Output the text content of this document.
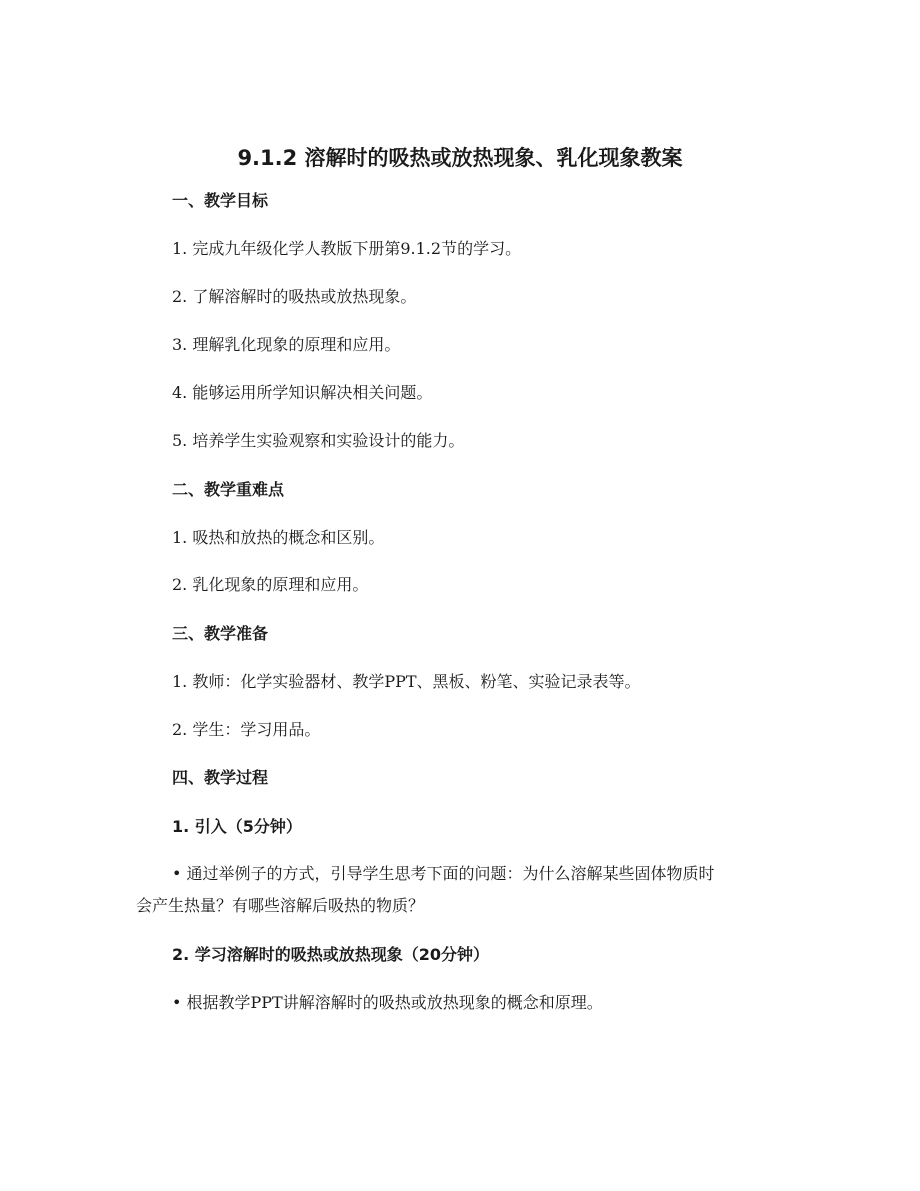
9.1.2 溶解时的吸热或放热现象、乳化现象教案
一、教学目标
1. 完成九年级化学人教版下册第9.1.2节的学习。
2. 了解溶解时的吸热或放热现象。
3. 理解乳化现象的原理和应用。
4. 能够运用所学知识解决相关问题。
5. 培养学生实验观察和实验设计的能力。
二、教学重难点
1. 吸热和放热的概念和区别。
2. 乳化现象的原理和应用。
三、教学准备
1. 教师：化学实验器材、教学PPT、黑板、粉笔、实验记录表等。
2. 学生：学习用品。
四、教学过程
1. 引入（5分钟）
• 通过举例子的方式，引导学生思考下面的问题：为什么溶解某些固体物质时
会产生热量？有哪些溶解后吸热的物质？
2. 学习溶解时的吸热或放热现象（20分钟）
• 根据教学PPT讲解溶解时的吸热或放热现象的概念和原理。
